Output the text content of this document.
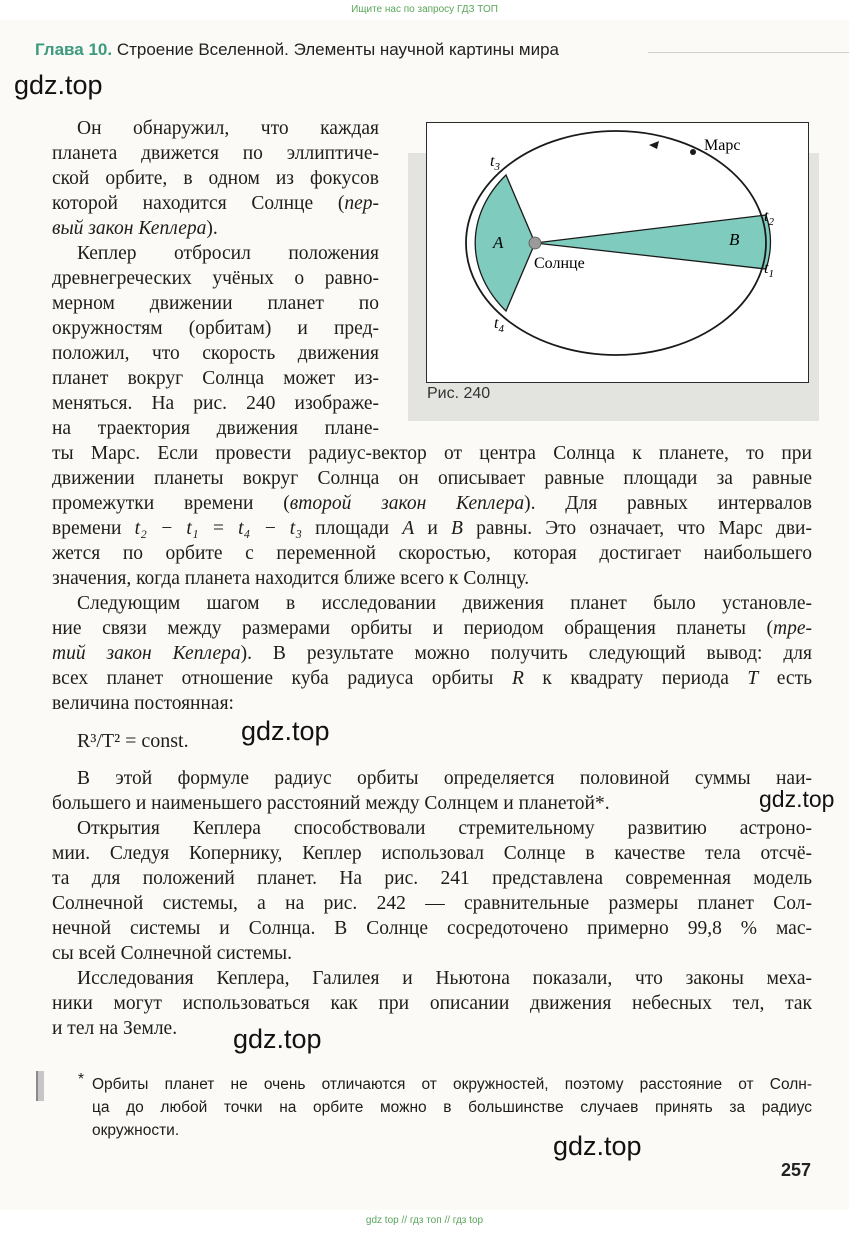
Ищите нас по запросу ГДЗ ТОП
Глава 10. Строение Вселенной. Элементы научной картины мира
gdz.top
gdz.top
gdz.top
gdz.top
gdz.top
Марс
Солнце
A	B
$t_3$
$t_4$
$t_2$
$t_1$
Рис. 240
Он обнаружил, что каждая
планета движется по эллиптиче-
ской орбите, в одном из фокусов
которой находится Солнце (пер-
вый закон Кеплера).
Кеплер отбросил положения
древнегреческих учёных о равно-
мерном движении планет по
окружностям (орбитам) и пред-
положил, что скорость движения
планет вокруг Солнца может из-
меняться. На рис. 240 изображе-
на траектория движения плане-
ты Марс. Если провести радиус-вектор от центра Солнца к планете, то при
движении планеты вокруг Солнца он описывает равные площади за равные
промежутки времени (второй закон Кеплера). Для равных интервалов
времени t₂ − t₁ = t₄ − t₃ площади A и B равны. Это означает, что Марс дви-
жется по орбите с переменной скоростью, которая достигает наибольшего
значения, когда планета находится ближе всего к Солнцу.
Следующим шагом в исследовании движения планет было установле-
ние связи между размерами орбиты и периодом обращения планеты (тре-
тий закон Кеплера). В результате можно получить следующий вывод: для
всех планет отношение куба радиуса орбиты R к квадрату периода T есть
величина постоянная:
R³/T² = const.
В этой формуле радиус орбиты определяется половиной суммы наи-
большего и наименьшего расстояний между Солнцем и планетой*.
Открытия Кеплера способствовали стремительному развитию астроно-
мии. Следуя Копернику, Кеплер использовал Солнце в качестве тела отсчё-
та для положений планет. На рис. 241 представлена современная модель
Солнечной системы, а на рис. 242 — сравнительные размеры планет Сол-
нечной системы и Солнца. В Солнце сосредоточено примерно 99,8 % мас-
сы всей Солнечной системы.
Исследования Кеплера, Галилея и Ньютона показали, что законы меха-
ники могут использоваться как при описании движения небесных тел, так
и тел на Земле.
* Орбиты планет не очень отличаются от окружностей, поэтому расстояние от Солн-
ца до любой точки на орбите можно в большинстве случаев принять за радиус
окружности.
257
gdz top // гдз топ // гдз top
